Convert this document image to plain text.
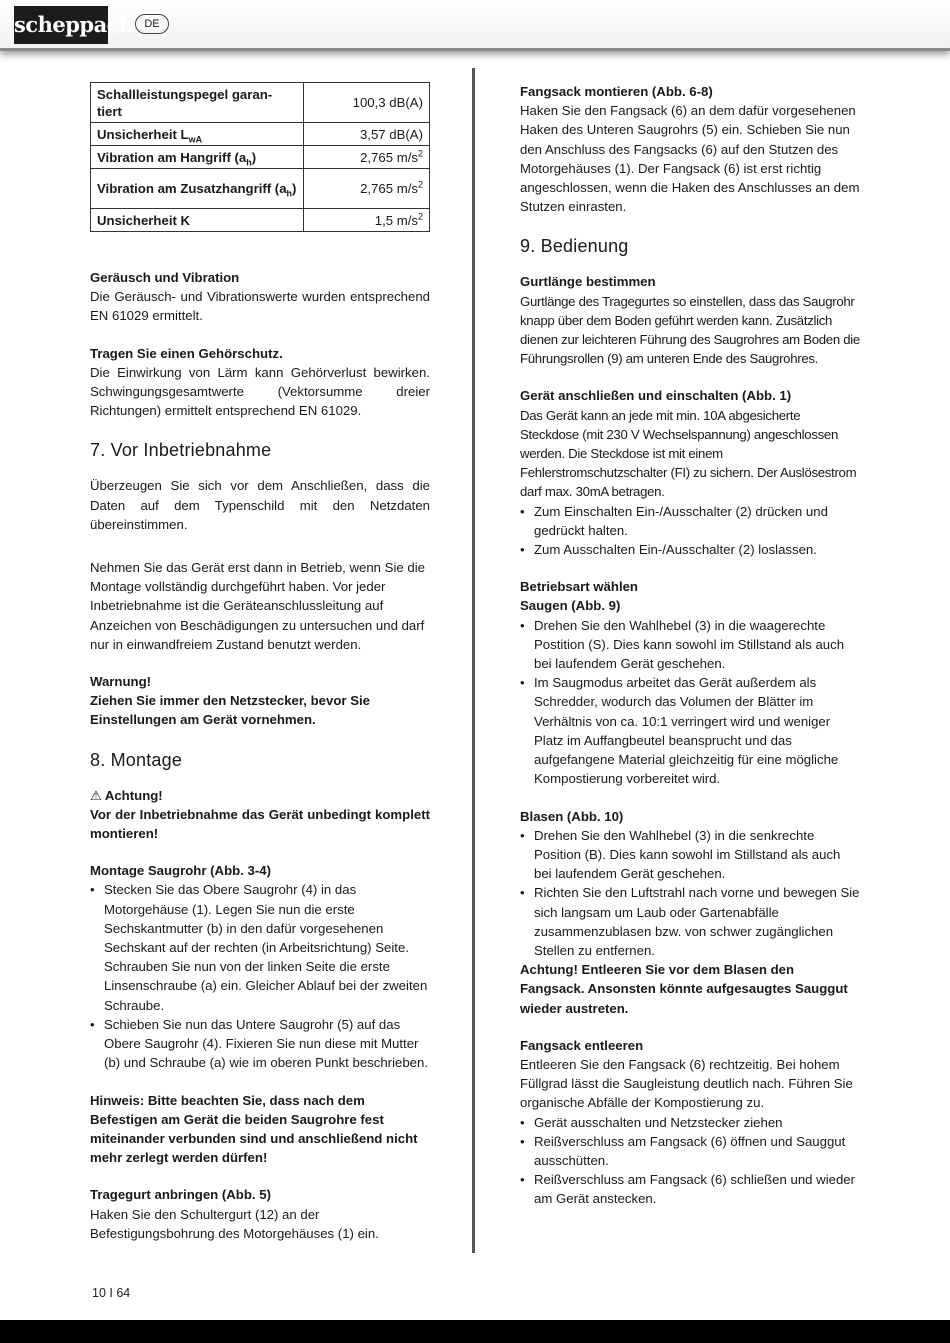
scheppach DE
Schallleistungspegel garan-tiert	100,3 dB(A)
Unsicherheit $L_{wA}$	3,57 dB(A)
Vibration am Hangriff $(a_h)$	2,765 $m/s^2$
Vibration am Zusatzhangriff $(a_h)$	2,765 $m/s^2$
Unsicherheit K	1,5 $m/s^2$

Geräusch und Vibration

Die Geräusch- und Vibrationswerte wurden entsprechend EN 61029 ermittelt.

Tragen Sie einen Gehörschutz.

Die Einwirkung von Lärm kann Gehörverlust bewirken. Schwingungsgesamtwerte (Vektorsumme dreier Richtungen) ermittelt entsprechend EN 61029.

7. Vor Inbetriebnahme

Überzeugen Sie sich vor dem Anschließen, dass die Daten auf dem Typenschild mit den Netzdaten übereinstimmen.

Nehmen Sie das Gerät erst dann in Betrieb, wenn Sie die Montage vollständig durchgeführt haben. Vor jeder Inbetriebnahme ist die Geräteanschlussleitung auf Anzeichen von Beschädigungen zu untersuchen und darf nur in einwandfreiem Zustand benutzt werden.

Warnung!

Ziehen Sie immer den Netzstecker, bevor Sie Einstellungen am Gerät vornehmen.

8. Montage

⚠ Achtung!

Vor der Inbetriebnahme das Gerät unbedingt komplett montieren!

Montage Saugrohr (Abb. 3-4)

• Stecken Sie das Obere Saugrohr (4) in das Motorgehäuse (1). Legen Sie nun die erste Sechskantmutter (b) in den dafür vorgesehenen Sechskant auf der rechten (in Arbeitsrichtung) Seite. Schrauben Sie nun von der linken Seite die erste Linsenschraube (a) ein. Gleicher Ablauf bei der zweiten Schraube.
• Schieben Sie nun das Untere Saugrohr (5) auf das Obere Saugrohr (4). Fixieren Sie nun diese mit Mutter (b) und Schraube (a) wie im oberen Punkt beschrieben.

Hinweis: Bitte beachten Sie, dass nach dem Befestigen am Gerät die beiden Saugrohre fest miteinander verbunden sind und anschließend nicht mehr zerlegt werden dürfen!

Tragegurt anbringen (Abb. 5)

Haken Sie den Schultergurt (12) an der Befestigungsbohrung des Motorgehäuses (1) ein.

Fangsack montieren (Abb. 6-8)

Haken Sie den Fangsack (6) an dem dafür vorgesehenen Haken des Unteren Saugrohrs (5) ein. Schieben Sie nun den Anschluss des Fangsacks (6) auf den Stutzen des Motorgehäuses (1). Der Fangsack (6) ist erst richtig angeschlossen, wenn die Haken des Anschlusses an dem Stutzen einrasten.

9. Bedienung

Gurtlänge bestimmen

Gurtlänge des Tragegurtes so einstellen, dass das Saugrohr knapp über dem Boden geführt werden kann. Zusätzlich dienen zur leichteren Führung des Saugrohres am Boden die Führungsrollen (9) am unteren Ende des Saugrohres.

Gerät anschließen und einschalten (Abb. 1)

Das Gerät kann an jede mit min. 10A abgesicherte Steckdose (mit 230 V Wechselspannung) angeschlossen werden. Die Steckdose ist mit einem Fehlerstromschutzschalter (FI) zu sichern. Der Auslösestrom darf max. 30mA betragen.

• Zum Einschalten Ein-/Ausschalter (2) drücken und gedrückt halten.
• Zum Ausschalten Ein-/Ausschalter (2) loslassen.

Betriebsart wählen

Saugen (Abb. 9)

• Drehen Sie den Wahlhebel (3) in die waagerechte Postition (S). Dies kann sowohl im Stillstand als auch bei laufendem Gerät geschehen.
• Im Saugmodus arbeitet das Gerät außerdem als Schredder, wodurch das Volumen der Blätter im Verhältnis von ca. 10:1 verringert wird und weniger Platz im Auffangbeutel beansprucht und das aufgefangene Material gleichzeitig für eine mögliche Kompostierung vorbereitet wird.

Blasen (Abb. 10)

• Drehen Sie den Wahlhebel (3) in die senkrechte Position (B). Dies kann sowohl im Stillstand als auch bei laufendem Gerät geschehen.
• Richten Sie den Luftstrahl nach vorne und bewegen Sie sich langsam um Laub oder Gartenabfälle zusammenzublasen bzw. von schwer zugänglichen Stellen zu entfernen.

Achtung! Entleeren Sie vor dem Blasen den Fangsack. Ansonsten könnte aufgesaugtes Sauggut wieder austreten.

Fangsack entleeren

Entleeren Sie den Fangsack (6) rechtzeitig. Bei hohem Füllgrad lässt die Saugleistung deutlich nach. Führen Sie organische Abfälle der Kompostierung zu.

• Gerät ausschalten und Netzstecker ziehen
• Reißverschluss am Fangsack (6) öffnen und Sauggut ausschütten.
• Reißverschluss am Fangsack (6) schließen und wieder am Gerät anstecken.
10 I 64
